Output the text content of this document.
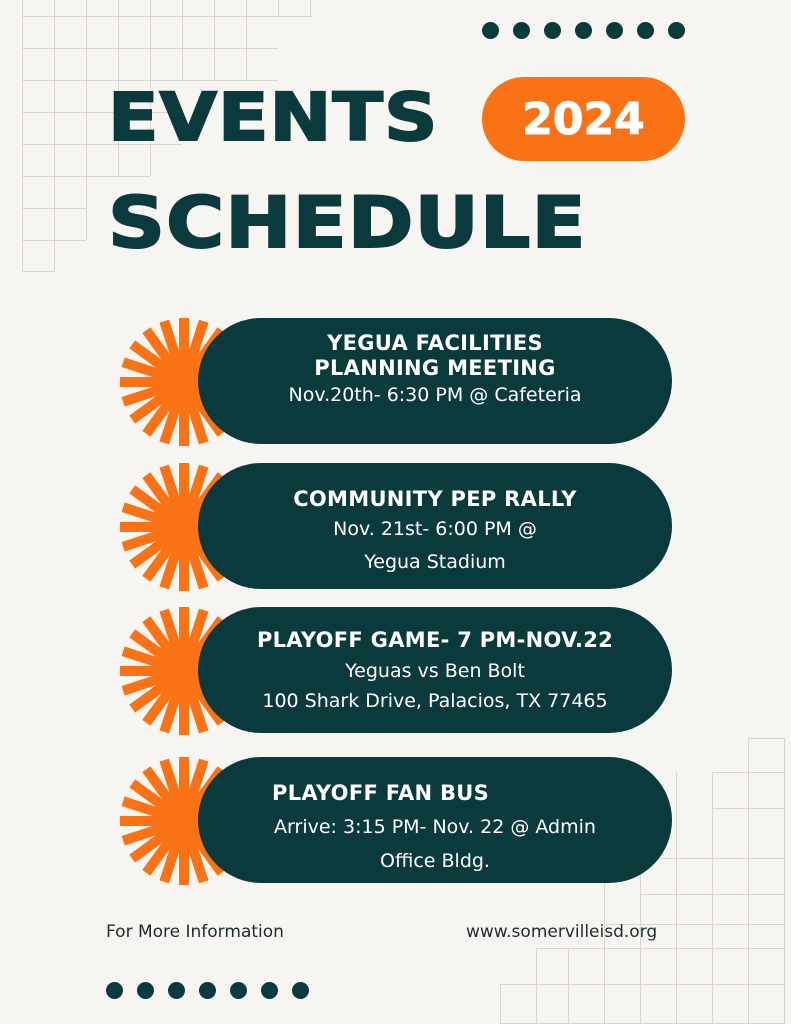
EVENTS	2024
SCHEDULE
YEGUA FACILITIES
PLANNING MEETING
Nov.20th- 6:30 PM @ Cafeteria
COMMUNITY PEP RALLY
Nov. 21st- 6:00 PM @
Yegua Stadium
PLAYOFF GAME- 7 PM-NOV.22
Yeguas vs Ben Bolt
100 Shark Drive, Palacios, TX 77465
PLAYOFF FAN BUS
Arrive: 3:15 PM- Nov. 22 @ Admin
Office Bldg.
For More Information	www.somervilleisd.org
